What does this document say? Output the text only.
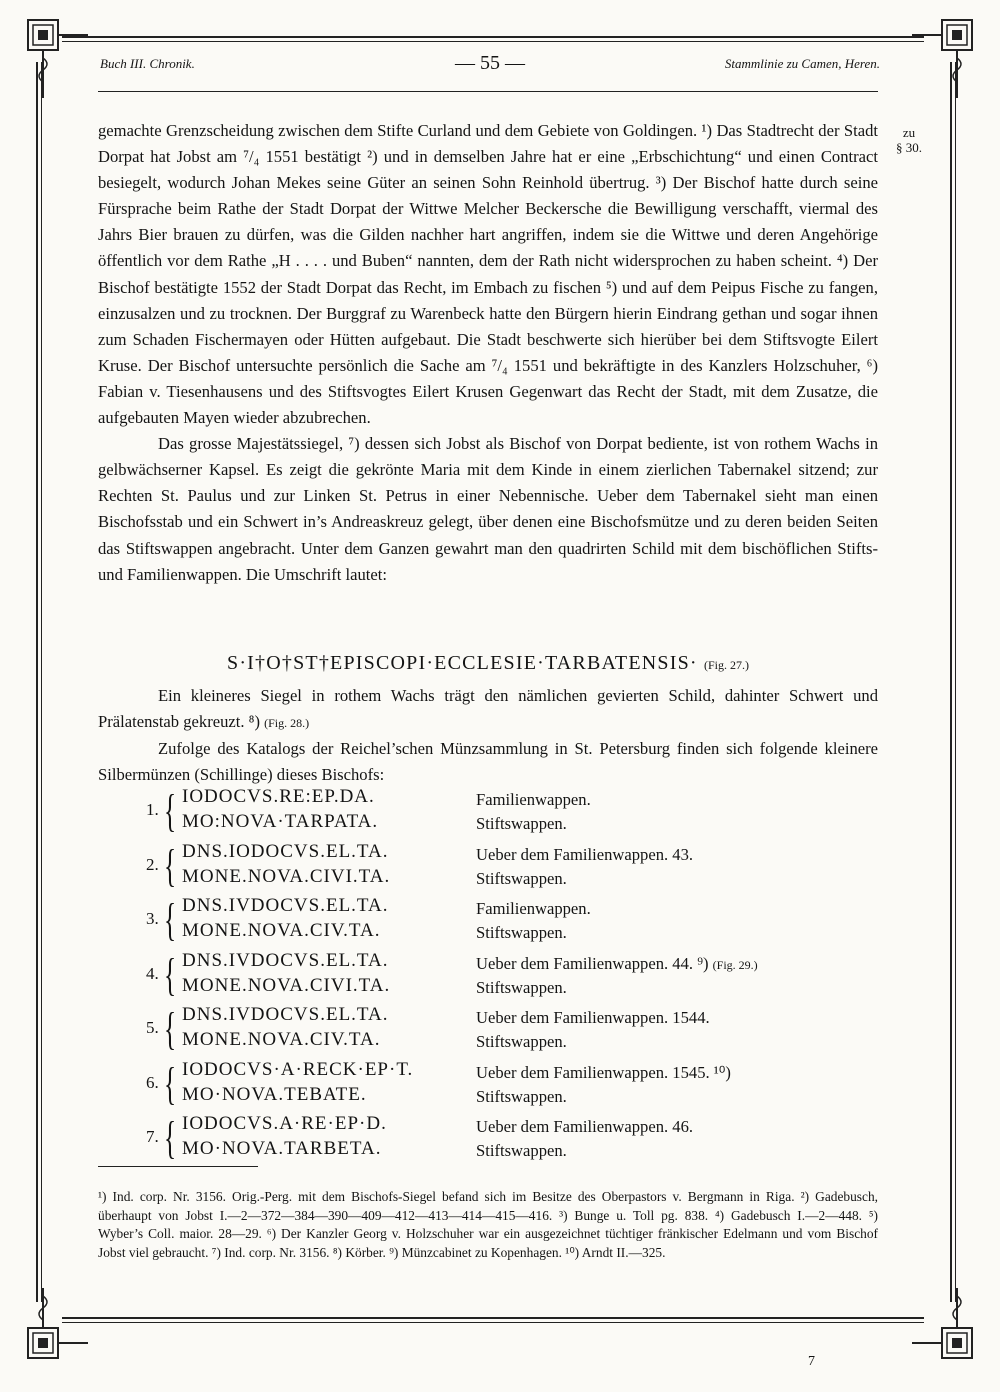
Buch III. Chronik.	— 55 —	Stammlinie zu Camen, Heren.
zu
§ 30.

gemachte Grenzscheidung zwischen dem Stifte Curland und dem Gebiete von Goldingen. ¹) Das Stadtrecht der Stadt Dorpat hat Jobst am ⁷/₄ 1551 bestätigt ²) und in demselben Jahre hat er eine „Erbschichtung“ und einen Contract besiegelt, wodurch Johan Mekes seine Güter an seinen Sohn Reinhold übertrug. ³) Der Bischof hatte durch seine Fürsprache beim Rathe der Stadt Dorpat der Wittwe Melcher Beckersche die Bewilligung verschafft, viermal des Jahrs Bier brauen zu dürfen, was die Gilden nachher hart angriffen, indem sie die Wittwe und deren Angehörige öffentlich vor dem Rathe „H . . . . und Buben“ nannten, dem der Rath nicht widersprochen zu haben scheint. ⁴) Der Bischof bestätigte 1552 der Stadt Dorpat das Recht, im Embach zu fischen ⁵) und auf dem Peipus Fische zu fangen, einzusalzen und zu trocknen. Der Burggraf zu Warenbeck hatte den Bürgern hierin Eindrang gethan und sogar ihnen zum Schaden Fischermayen oder Hütten aufgebaut. Die Stadt beschwerte sich hierüber bei dem Stiftsvogte Eilert Kruse. Der Bischof untersuchte persönlich die Sache am ⁷/₄ 1551 und bekräftigte in des Kanzlers Holzschuher, ⁶) Fabian v. Tiesenhausens und des Stiftsvogtes Eilert Krusen Gegenwart das Recht der Stadt, mit dem Zusatze, die aufgebauten Mayen wieder abzubrechen.

Das grosse Majestätssiegel, ⁷) dessen sich Jobst als Bischof von Dorpat bediente, ist von rothem Wachs in gelbwächserner Kapsel. Es zeigt die gekrönte Maria mit dem Kinde in einem zierlichen Tabernakel sitzend; zur Rechten St. Paulus und zur Linken St. Petrus in einer Nebennische. Ueber dem Tabernakel sieht man einen Bischofsstab und ein Schwert in’s Andreaskreuz gelegt, über denen eine Bischofsmütze und zu deren beiden Seiten das Stiftswappen angebracht. Unter dem Ganzen gewahrt man den quadrirten Schild mit dem bischöflichen Stifts- und Familienwappen. Die Umschrift lautet:

S·I†O†ST†EPISCOPI·ECCLESIE·TARBATENSIS· (Fig. 27.)

Ein kleineres Siegel in rothem Wachs trägt den nämlichen gevierten Schild, dahinter Schwert und Prälatenstab gekreuzt. ⁸) (Fig. 28.)

Zufolge des Katalogs der Reichel’schen Münzsammlung in St. Petersburg finden sich folgende kleinere Silbermünzen (Schillinge) dieses Bischofs:

1. { IODOCVS.RE:EP.DA.
MO:NOVA·TARPATA.
Familienwappen.
Stiftswappen.
2. { DNS.IODOCVS.EL.TA.
MONE.NOVA.CIVI.TA.
Ueber dem Familienwappen. 43.
Stiftswappen.
3. { DNS.IVDOCVS.EL.TA.
MONE.NOVA.CIV.TA.
Familienwappen.
Stiftswappen.
4. { DNS.IVDOCVS.EL.TA.
MONE.NOVA.CIVI.TA.
Ueber dem Familienwappen. 44. ⁹) (Fig. 29.)
Stiftswappen.
5. { DNS.IVDOCVS.EL.TA.
MONE.NOVA.CIV.TA.
Ueber dem Familienwappen. 1544.
Stiftswappen.
6. { IODOCVS·A·RECK·EP·T.
MO·NOVA.TEBATE.
Ueber dem Familienwappen. 1545. ¹⁰)
Stiftswappen.
7. { IODOCVS.A·RE·EP·D.
MO·NOVA.TARBETA.
Ueber dem Familienwappen. 46.
Stiftswappen.

¹) Ind. corp. Nr. 3156. Orig.-Perg. mit dem Bischofs-Siegel befand sich im Besitze des Oberpastors v. Bergmann in Riga. ²) Gadebusch, überhaupt von Jobst I.—2—372—384—390—409—412—413—414—415—416. ³) Bunge u. Toll pg. 838. ⁴) Gadebusch I.—2—448. ⁵) Wyber’s Coll. maior. 28—29. ⁶) Der Kanzler Georg v. Holzschuher war ein ausgezeichnet tüchtiger fränkischer Edelmann und vom Bischof Jobst viel gebraucht. ⁷) Ind. corp. Nr. 3156. ⁸) Körber. ⁹) Münzcabinet zu Kopenhagen. ¹⁰) Arndt II.—325.

7
